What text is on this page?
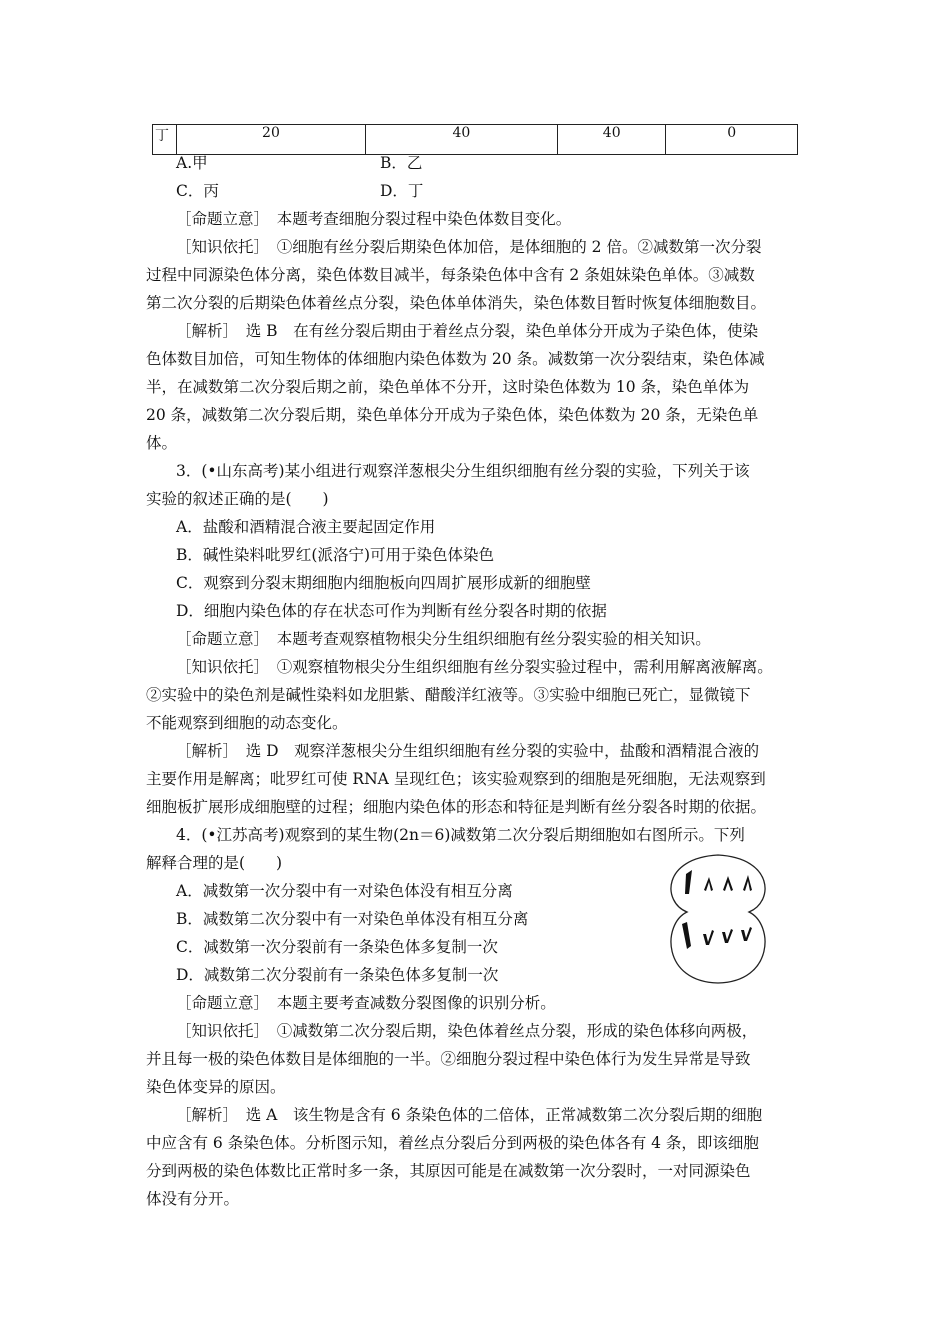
丁	20	40	40	0
A.甲	B．乙
C．丙	D．丁
［命题立意］　本题考查细胞分裂过程中染色体数目变化。
［知识依托］　①细胞有丝分裂后期染色体加倍，是体细胞的 2 倍。②减数第一次分裂
过程中同源染色体分离，染色体数目减半，每条染色体中含有 2 条姐妹染色单体。③减数
第二次分裂的后期染色体着丝点分裂，染色体单体消失，染色体数目暂时恢复体细胞数目。
［解析］　选 B　在有丝分裂后期由于着丝点分裂，染色单体分开成为子染色体，使染
色体数目加倍，可知生物体的体细胞内染色体数为 20 条。减数第一次分裂结束，染色体减
半，在减数第二次分裂后期之前，染色单体不分开，这时染色体数为 10 条，染色单体为
20 条，减数第二次分裂后期，染色单体分开成为子染色体，染色体数为 20 条，无染色单
体。
3．(•山东高考)某小组进行观察洋葱根尖分生组织细胞有丝分裂的实验，下列关于该
实验的叙述正确的是(　　)
A．盐酸和酒精混合液主要起固定作用
B．碱性染料吡罗红(派洛宁)可用于染色体染色
C．观察到分裂末期细胞内细胞板向四周扩展形成新的细胞壁
D．细胞内染色体的存在状态可作为判断有丝分裂各时期的依据
［命题立意］　本题考查观察植物根尖分生组织细胞有丝分裂实验的相关知识。
［知识依托］　①观察植物根尖分生组织细胞有丝分裂实验过程中，需利用解离液解离。
②实验中的染色剂是碱性染料如龙胆紫、醋酸洋红液等。③实验中细胞已死亡，显微镜下
不能观察到细胞的动态变化。
［解析］　选 D　观察洋葱根尖分生组织细胞有丝分裂的实验中，盐酸和酒精混合液的
主要作用是解离；吡罗红可使 RNA 呈现红色；该实验观察到的细胞是死细胞，无法观察到
细胞板扩展形成细胞壁的过程；细胞内染色体的形态和特征是判断有丝分裂各时期的依据。
4．(•江苏高考)观察到的某生物(2n＝6)减数第二次分裂后期细胞如右图所示。下列
解释合理的是(　　)
A．减数第一次分裂中有一对染色体没有相互分离
B．减数第二次分裂中有一对染色单体没有相互分离
C．减数第一次分裂前有一条染色体多复制一次
D．减数第二次分裂前有一条染色体多复制一次
［命题立意］　本题主要考查减数分裂图像的识别分析。
［知识依托］　①减数第二次分裂后期，染色体着丝点分裂，形成的染色体移向两极，
并且每一极的染色体数目是体细胞的一半。②细胞分裂过程中染色体行为发生异常是导致
染色体变异的原因。
［解析］　选 A　该生物是含有 6 条染色体的二倍体，正常减数第二次分裂后期的细胞
中应含有 6 条染色体。分析图示知，着丝点分裂后分到两极的染色体各有 4 条，即该细胞
分到两极的染色体数比正常时多一条，其原因可能是在减数第一次分裂时，一对同源染色
体没有分开。
